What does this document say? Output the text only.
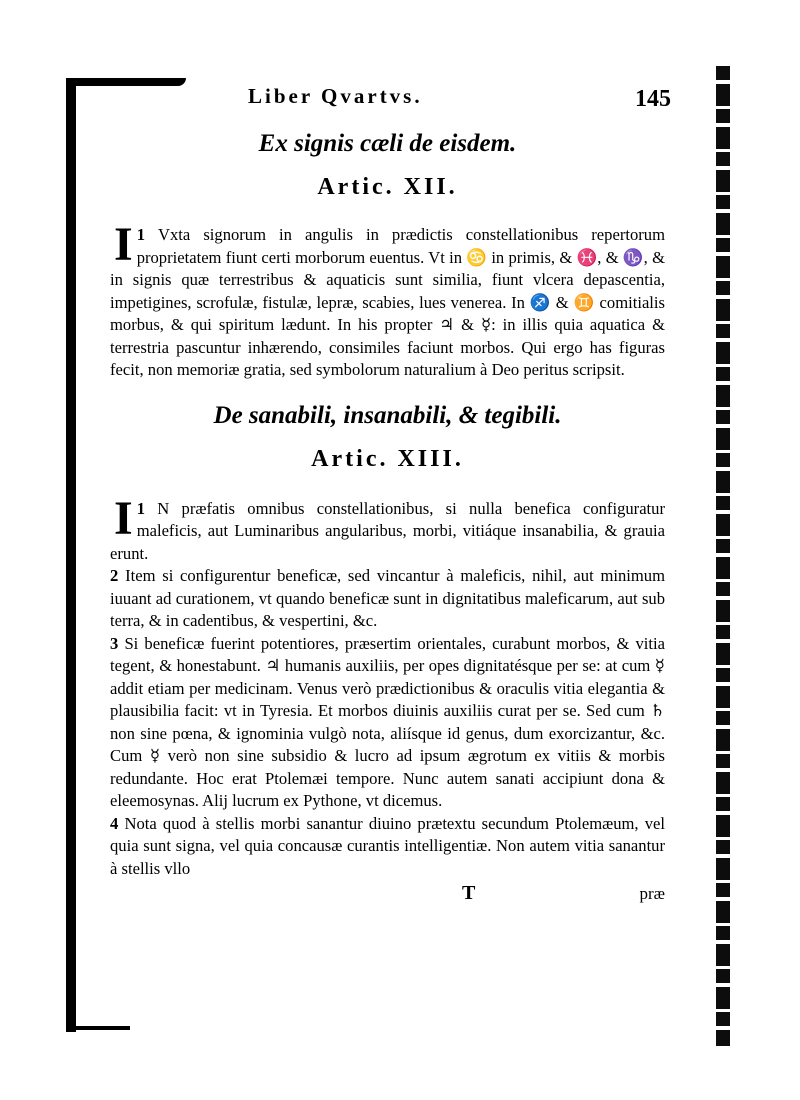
Liber Qvartvs.	145
Ex signis cæli de eisdem.
Artic. XII.

1
I Vxta signorum in angulis in prædictis constellationibus repertorum proprietatem fiunt certi morborum euentus. Vt in ♋ in primis, & ♓, & ♑, & in signis quæ terrestribus & aquaticis sunt similia, fiunt vlcera depascentia, impetigines, scrofulæ, fistulæ, lepræ, scabies, lues venerea. In ♐ & ♊ comitialis morbus, & qui spiritum lædunt. In his propter ♃ & ☿: in illis quia aquatica & terrestria pascuntur inhærendo, consimiles faciunt morbos. Qui ergo has figuras fecit, non memoriæ gratia, sed symbolorum naturalium à Deo peritus scripsit.

De sanabili, insanabili, & tegibili.
Artic. XIII.

1
I N præfatis omnibus constellationibus, si nulla benefica configuratur maleficis, aut Luminaribus angularibus, morbi, vitiáque insanabilia, & grauia erunt.

2 Item si configurentur beneficæ, sed vincantur à maleficis, nihil, aut minimum iuuant ad curationem, vt quando beneficæ sunt in dignitatibus maleficarum, aut sub terra, & in cadentibus, & vespertini, &c.

3 Si beneficæ fuerint potentiores, præsertim orientales, curabunt morbos, & vitia tegent, & honestabunt. ♃ humanis auxiliis, per opes dignitatésque per se: at cum ☿ addit etiam per medicinam. Venus verò prædictionibus & oraculis vitia elegantia & plausibilia facit: vt in Tyresia. Et morbos diuinis auxiliis curat per se. Sed cum ♄ non sine pœna, & ignominia vulgò nota, aliísque id genus, dum exorcizantur, &c. Cum ☿ verò non sine subsidio & lucro ad ipsum ægrotum ex vitiis & morbis redundante. Hoc erat Ptolemæi tempore. Nunc autem sanati accipiunt dona & eleemosynas. Alij lucrum ex Pythone, vt dicemus.

4 Nota quod à stellis morbi sanantur diuino prætextu secundum Ptolemæum, vel quia sunt signa, vel quia concausæ curantis intelligentiæ. Non autem vitia sanantur à stellis vllo

T	præ
